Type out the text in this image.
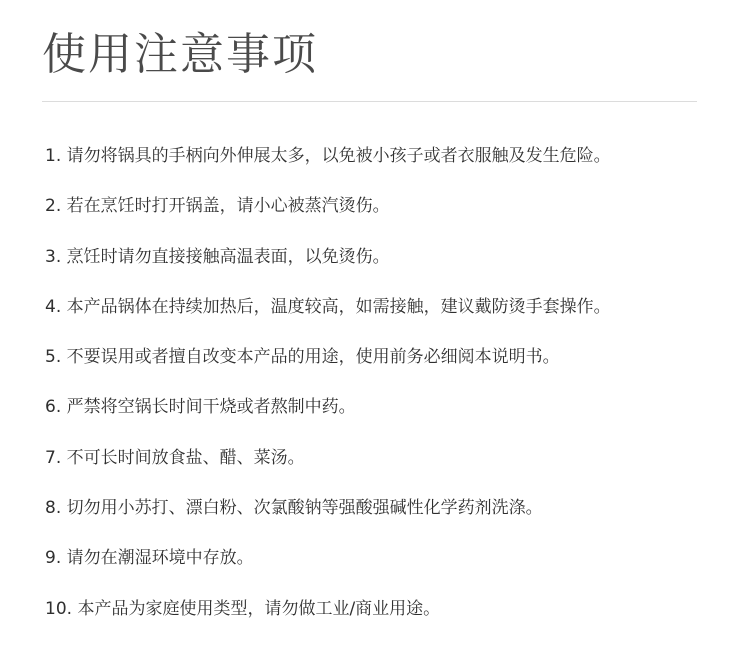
使用注意事项
1. 请勿将锅具的手柄向外伸展太多，以免被小孩子或者衣服触及发生危险。
2. 若在烹饪时打开锅盖，请小心被蒸汽烫伤。
3. 烹饪时请勿直接接触高温表面，以免烫伤。
4. 本产品锅体在持续加热后，温度较高，如需接触，建议戴防烫手套操作。
5. 不要误用或者擅自改变本产品的用途，使用前务必细阅本说明书。
6. 严禁将空锅长时间干烧或者熬制中药。
7. 不可长时间放食盐、醋、菜汤。
8. 切勿用小苏打、漂白粉、次氯酸钠等强酸强碱性化学药剂洗涤。
9. 请勿在潮湿环境中存放。
10. 本产品为家庭使用类型，请勿做工业/商业用途。
